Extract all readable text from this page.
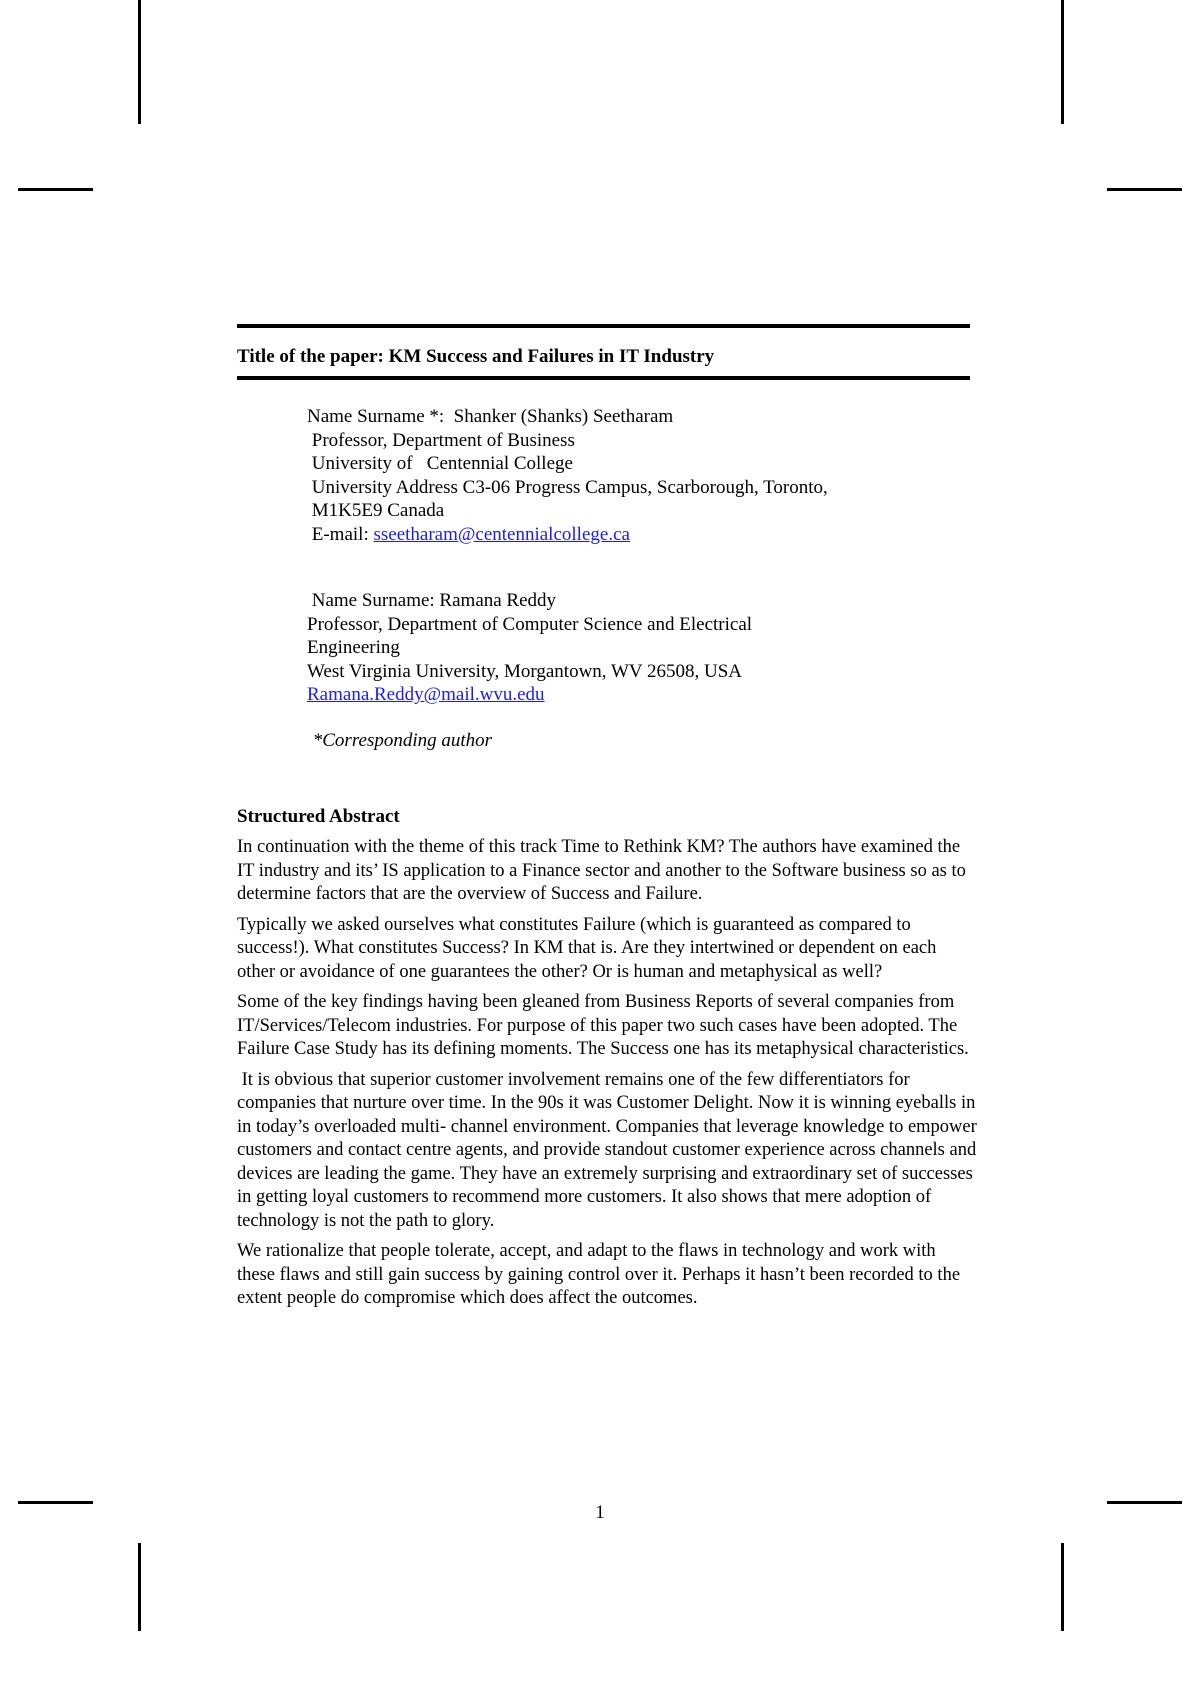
Title of the paper: KM Success and Failures in IT Industry
Name Surname *:  Shanker (Shanks) Seetharam
Professor, Department of Business
University of   Centennial College
University Address C3-06 Progress Campus, Scarborough, Toronto,
M1K5E9 Canada
E-mail: sseetharam@centennialcollege.ca
Name Surname: Ramana Reddy
Professor, Department of Computer Science and Electrical
Engineering
West Virginia University, Morgantown, WV 26508, USA
Ramana.Reddy@mail.wvu.edu
*Corresponding author
Structured Abstract

In continuation with the theme of this track Time to Rethink KM? The authors have examined the IT industry and its’ IS application to a Finance sector and another to the Software business so as to determine factors that are the overview of Success and Failure.

Typically we asked ourselves what constitutes Failure (which is guaranteed as compared to success!). What constitutes Success? In KM that is. Are they intertwined or dependent on each other or avoidance of one guarantees the other? Or is human and metaphysical as well?

Some of the key findings having been gleaned from Business Reports of several companies from IT/Services/Telecom industries. For purpose of this paper two such cases have been adopted. The Failure Case Study has its defining moments. The Success one has its metaphysical characteristics.

It is obvious that superior customer involvement remains one of the few differentiators for companies that nurture over time. In the 90s it was Customer Delight. Now it is winning eyeballs in in today’s overloaded multi- channel environment. Companies that leverage knowledge to empower customers and contact centre agents, and provide standout customer experience across channels and devices are leading the game. They have an extremely surprising and extraordinary set of successes in getting loyal customers to recommend more customers. It also shows that mere adoption of technology is not the path to glory.

We rationalize that people tolerate, accept, and adapt to the flaws in technology and work with these flaws and still gain success by gaining control over it. Perhaps it hasn’t been recorded to the extent people do compromise which does affect the outcomes.

1
